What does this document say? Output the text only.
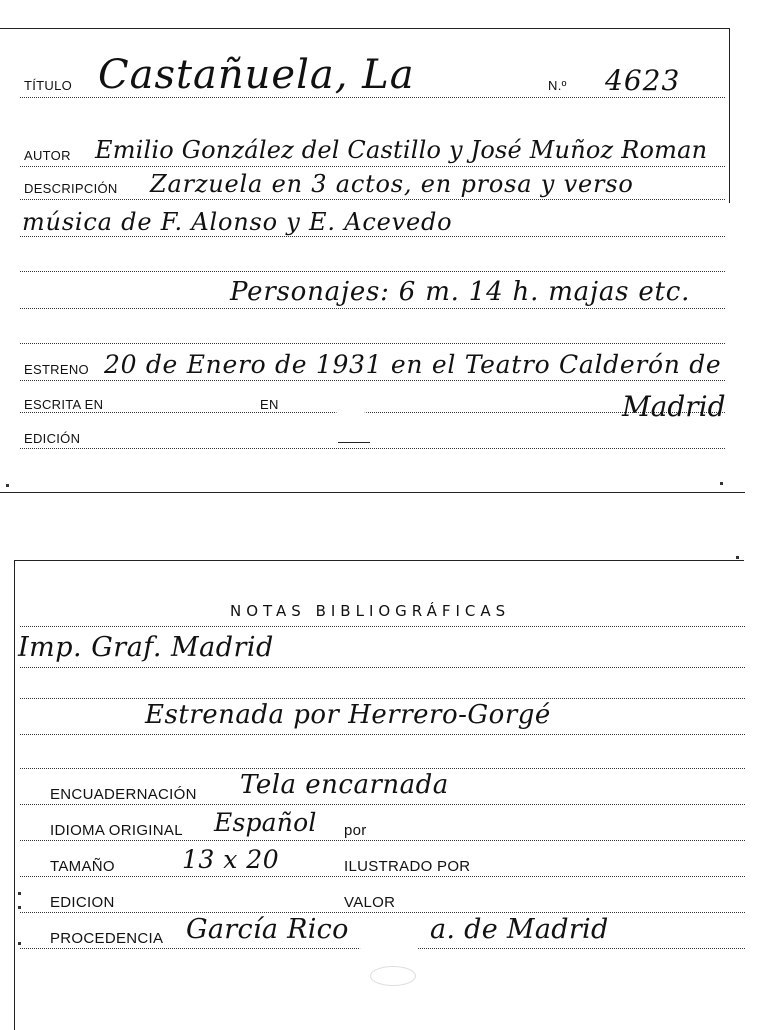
TÍTULO Castañuela, La	N.º 4623
AUTOR Emilio González del Castillo y José Muñoz Roman
DESCRIPCIÓN Zarzuela en 3 actos, en prosa y verso
música de F. Alonso y E. Acevedo
Personajes: 6 m. 14 h. majas etc.
ESTRENO 20 de Enero de 1931 en el Teatro Calderón de
ESCRITA EN	EN	Madrid
EDICIÓN
NOTAS BIBLIOGRÁFICAS
Imp. Graf. Madrid
Estrenada por Herrero-Gorgé
ENCUADERNACIÓN Tela encarnada
IDIOMA ORIGINAL Español por
TAMAÑO	13 x 20	ILUSTRADO POR
EDICION	VALOR
PROCEDENCIA García Rico	a. de Madrid
